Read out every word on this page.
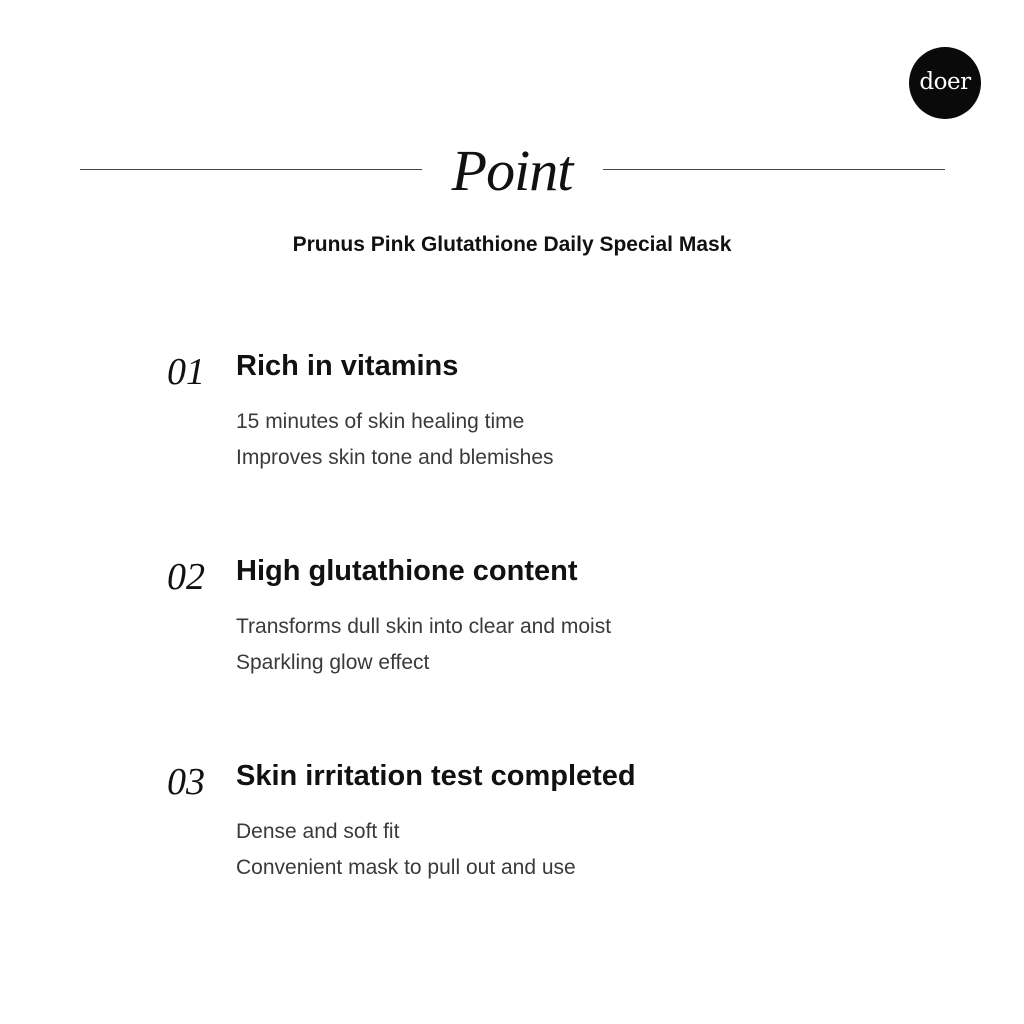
doer
Point
Prunus Pink Glutathione Daily Special Mask
01 Rich in vitamins
15 minutes of skin healing time
Improves skin tone and blemishes
02 High glutathione content
Transforms dull skin into clear and moist
Sparkling glow effect
03 Skin irritation test completed
Dense and soft fit
Convenient mask to pull out and use
